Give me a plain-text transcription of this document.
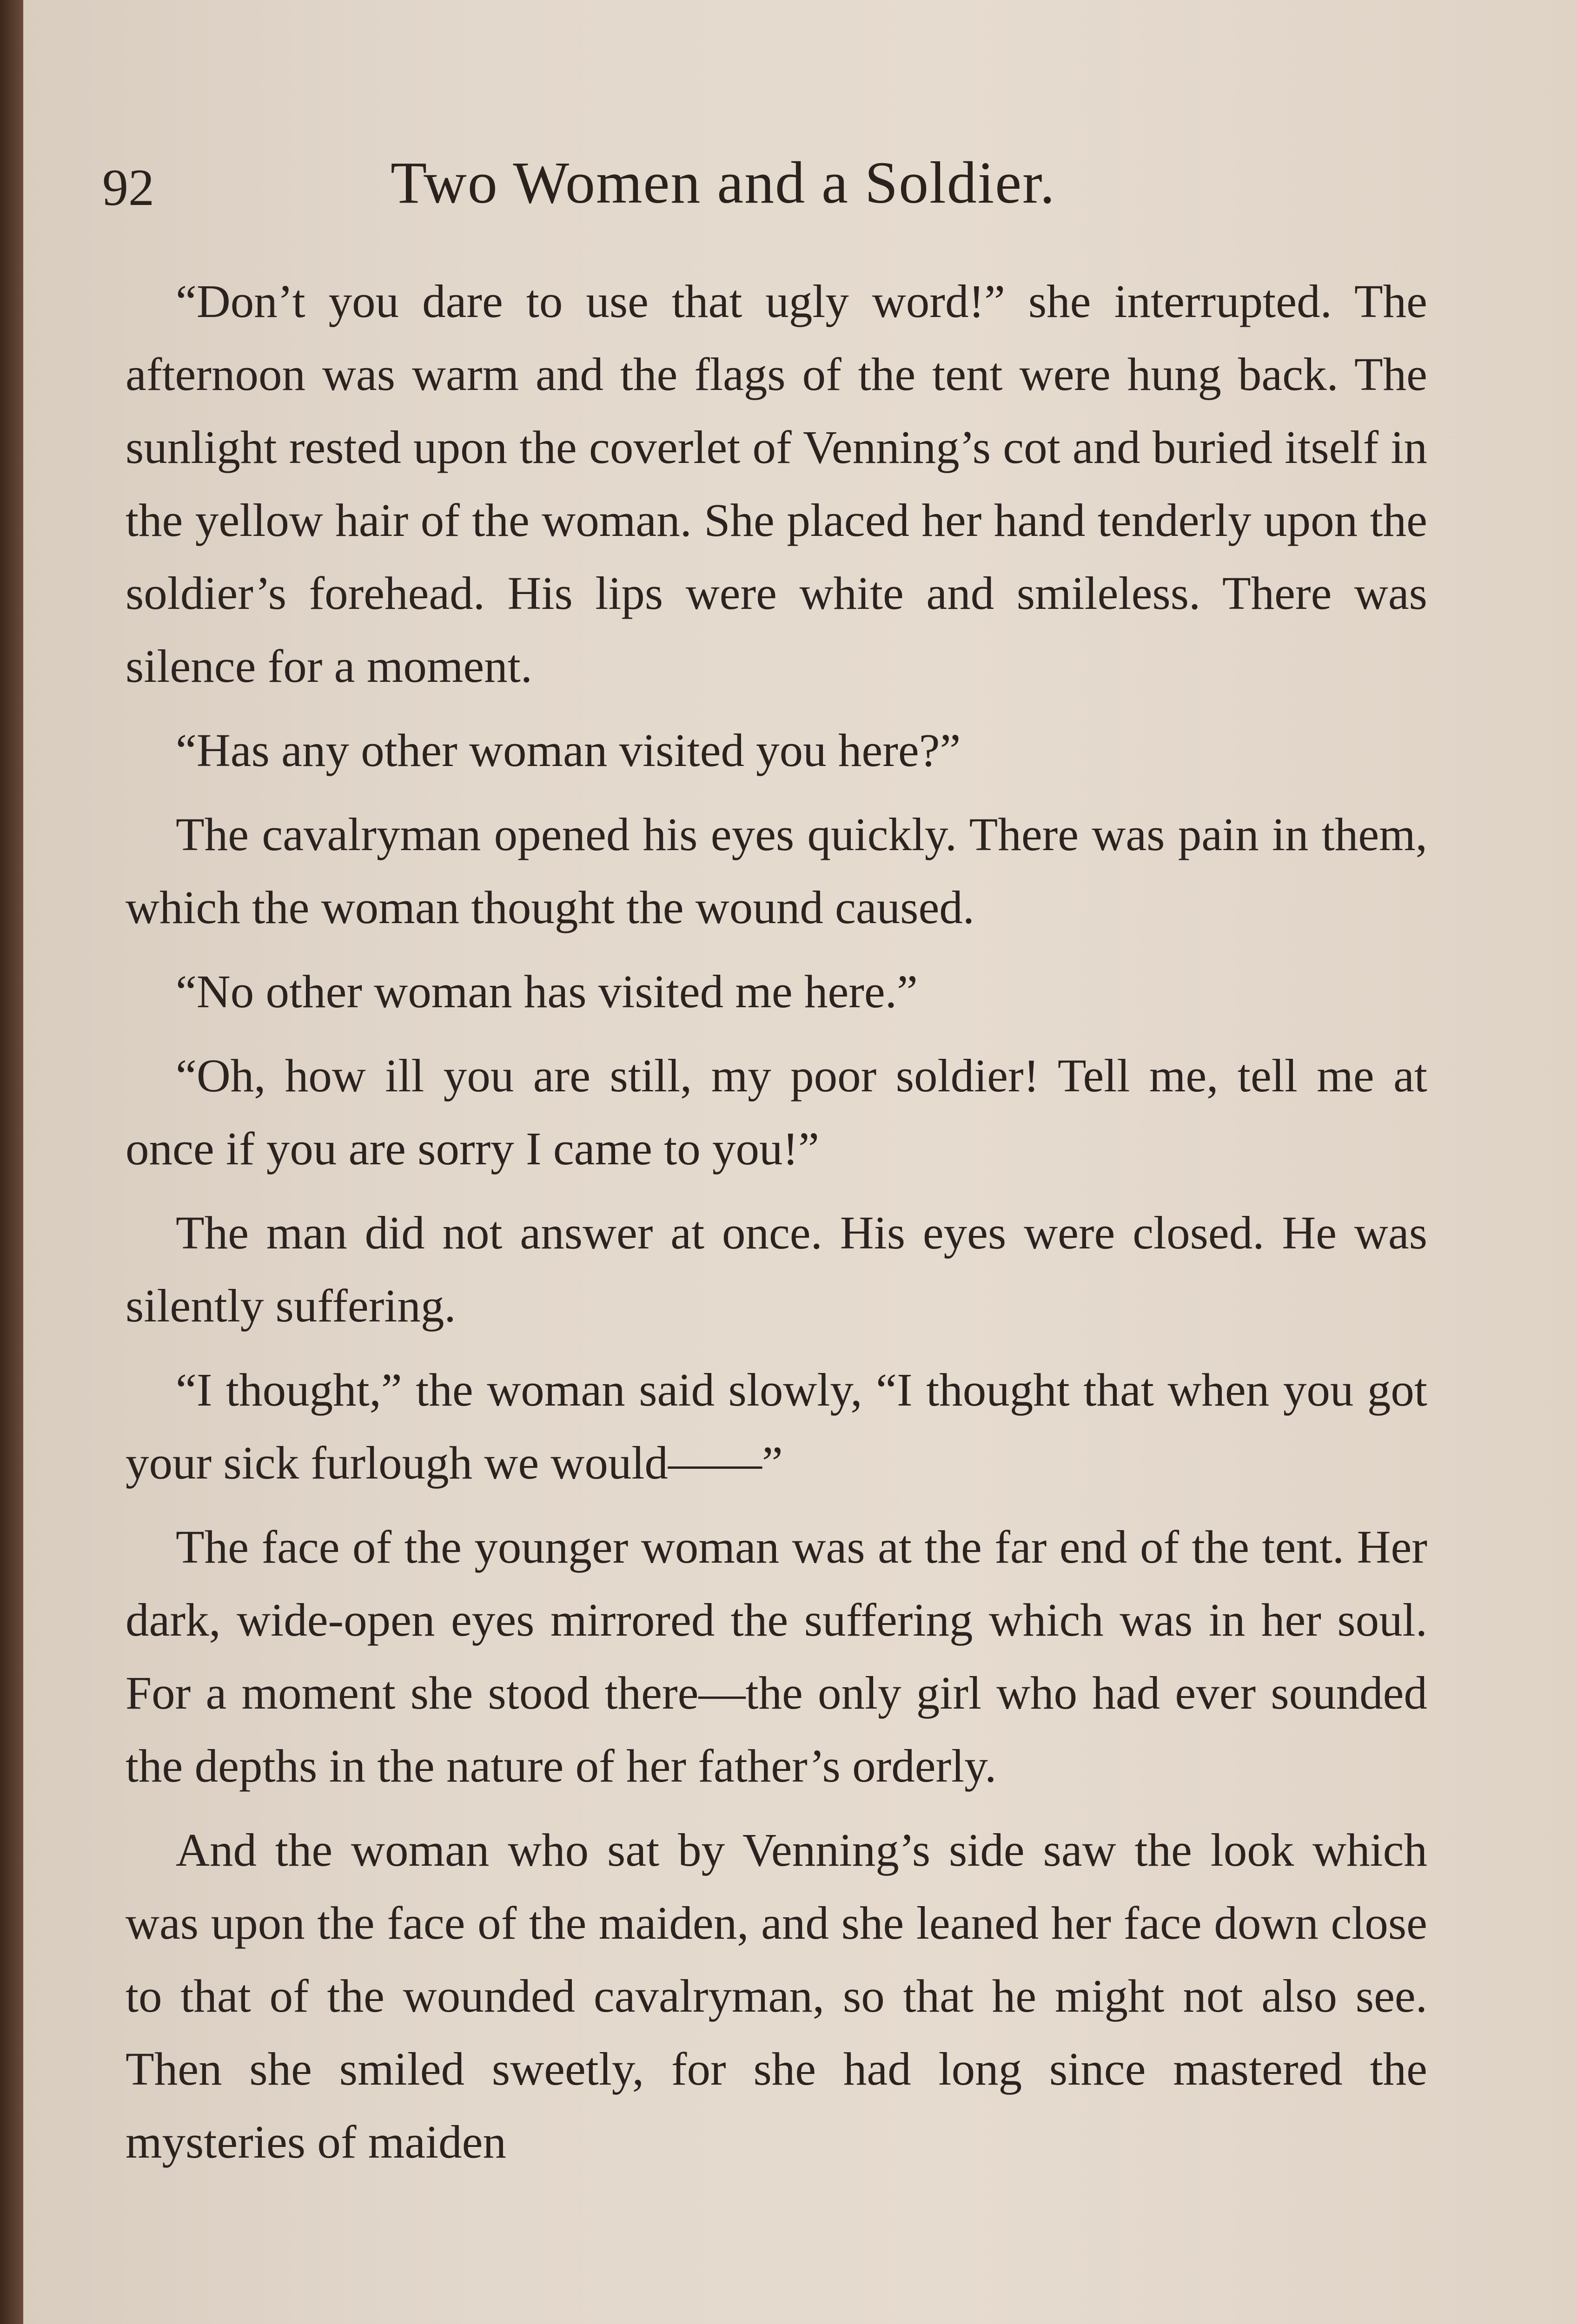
92	Two Women and a Soldier.

“Don’t you dare to use that ugly word!” she interrupted. The afternoon was warm and the flags of the tent were hung back. The sunlight rested upon the coverlet of Venning’s cot and buried itself in the yellow hair of the woman. She placed her hand tenderly upon the soldier’s forehead. His lips were white and smileless. There was silence for a moment.

“Has any other woman visited you here?”

The cavalryman opened his eyes quickly. There was pain in them, which the woman thought the wound caused.

“No other woman has visited me here.”

“Oh, how ill you are still, my poor soldier! Tell me, tell me at once if you are sorry I came to you!”

The man did not answer at once. His eyes were closed. He was silently suffering.

“I thought,” the woman said slowly, “I thought that when you got your sick furlough we would——”

The face of the younger woman was at the far end of the tent. Her dark, wide-open eyes mirrored the suffering which was in her soul. For a moment she stood there—the only girl who had ever sounded the depths in the nature of her father’s orderly.

And the woman who sat by Venning’s side saw the look which was upon the face of the maiden, and she leaned her face down close to that of the wounded cavalryman, so that he might not also see. Then she smiled sweetly, for she had long since mastered the mysteries of maiden
